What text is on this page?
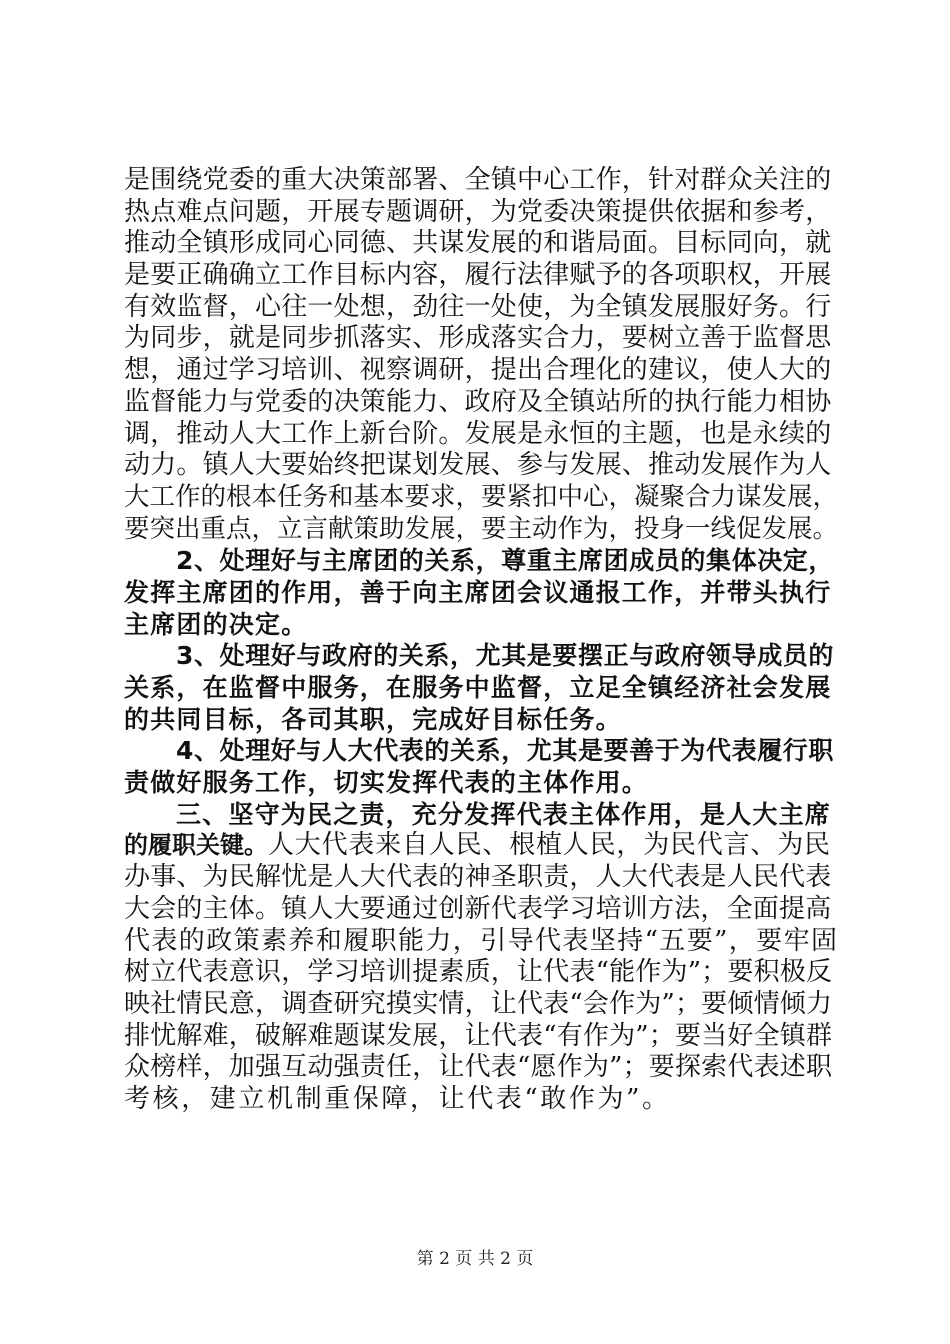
是围绕党委的重大决策部署、全镇中心工作，针对群众关注的
热点难点问题，开展专题调研，为党委决策提供依据和参考，
推动全镇形成同心同德、共谋发展的和谐局面。目标同向，就
是要正确确立工作目标内容，履行法律赋予的各项职权，开展
有效监督，心往一处想，劲往一处使，为全镇发展服好务。行
为同步，就是同步抓落实、形成落实合力，要树立善于监督思
想，通过学习培训、视察调研，提出合理化的建议，使人大的
监督能力与党委的决策能力、政府及全镇站所的执行能力相协
调，推动人大工作上新台阶。发展是永恒的主题，也是永续的
动力。镇人大要始终把谋划发展、参与发展、推动发展作为人
大工作的根本任务和基本要求，要紧扣中心，凝聚合力谋发展，
要突出重点，立言献策助发展，要主动作为，投身一线促发展。
2、处理好与主席团的关系，尊重主席团成员的集体决定，
发挥主席团的作用，善于向主席团会议通报工作，并带头执行
主席团的决定。
3、处理好与政府的关系，尤其是要摆正与政府领导成员的
关系，在监督中服务，在服务中监督，立足全镇经济社会发展
的共同目标，各司其职，完成好目标任务。
4、处理好与人大代表的关系，尤其是要善于为代表履行职
责做好服务工作，切实发挥代表的主体作用。
三、坚守为民之责，充分发挥代表主体作用，是人大主席
的履职关键。人大代表来自人民、根植人民，为民代言、为民
办事、为民解忧是人大代表的神圣职责，人大代表是人民代表
大会的主体。镇人大要通过创新代表学习培训方法，全面提高
代表的政策素养和履职能力，引导代表坚持“五要”，要牢固
树立代表意识，学习培训提素质，让代表“能作为”；要积极反
映社情民意，调查研究摸实情，让代表“会作为”；要倾情倾力
排忧解难，破解难题谋发展，让代表“有作为”；要当好全镇群
众榜样，加强互动强责任，让代表“愿作为”；要探索代表述职
考核，建立机制重保障，让代表“敢作为”。
第 2 页 共 2 页
